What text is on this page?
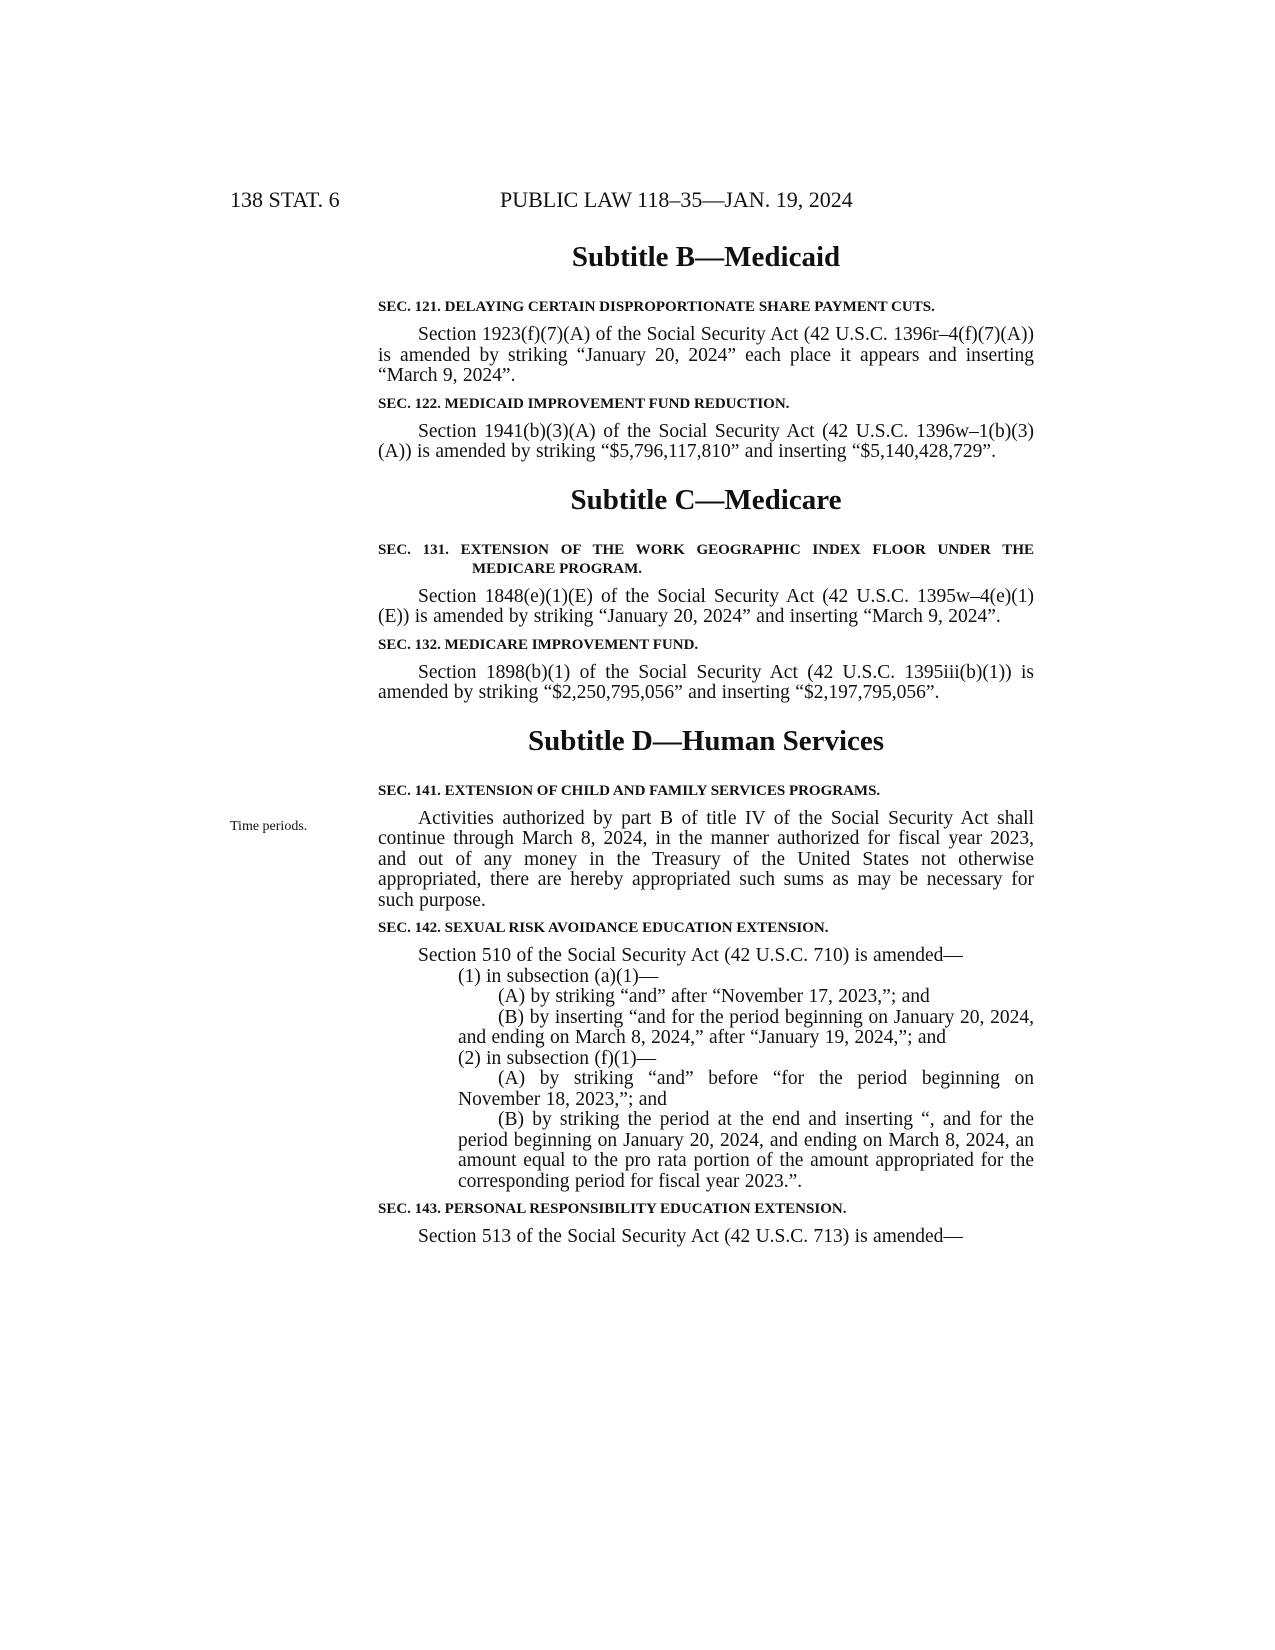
138 STAT. 6	PUBLIC LAW 118–35—JAN. 19, 2024
Time periods.
Subtitle B—Medicaid

SEC. 121. DELAYING CERTAIN DISPROPORTIONATE SHARE PAYMENT CUTS.

Section 1923(f)(7)(A) of the Social Security Act (42 U.S.C. 1396r–4(f)(7)(A)) is amended by striking “January 20, 2024” each place it appears and inserting “March 9, 2024”.

SEC. 122. MEDICAID IMPROVEMENT FUND REDUCTION.

Section 1941(b)(3)(A) of the Social Security Act (42 U.S.C. 1396w–1(b)(3)(A)) is amended by striking “$5,796,117,810” and inserting “$5,140,428,729”.

Subtitle C—Medicare

SEC. 131. EXTENSION OF THE WORK GEOGRAPHIC INDEX FLOOR UNDER THE MEDICARE PROGRAM.

Section 1848(e)(1)(E) of the Social Security Act (42 U.S.C. 1395w–4(e)(1)(E)) is amended by striking “January 20, 2024” and inserting “March 9, 2024”.

SEC. 132. MEDICARE IMPROVEMENT FUND.

Section 1898(b)(1) of the Social Security Act (42 U.S.C. 1395iii(b)(1)) is amended by striking “$2,250,795,056” and inserting “$2,197,795,056”.

Subtitle D—Human Services

SEC. 141. EXTENSION OF CHILD AND FAMILY SERVICES PROGRAMS.

Activities authorized by part B of title IV of the Social Security Act shall continue through March 8, 2024, in the manner authorized for fiscal year 2023, and out of any money in the Treasury of the United States not otherwise appropriated, there are hereby appropriated such sums as may be necessary for such purpose.

SEC. 142. SEXUAL RISK AVOIDANCE EDUCATION EXTENSION.

Section 510 of the Social Security Act (42 U.S.C. 710) is amended—

(1) in subsection (a)(1)—

(A) by striking “and” after “November 17, 2023,”; and

(B) by inserting “and for the period beginning on January 20, 2024, and ending on March 8, 2024,” after “January 19, 2024,”; and

(2) in subsection (f)(1)—

(A) by striking “and” before “for the period beginning on November 18, 2023,”; and

(B) by striking the period at the end and inserting “, and for the period beginning on January 20, 2024, and ending on March 8, 2024, an amount equal to the pro rata portion of the amount appropriated for the corresponding period for fiscal year 2023.”.

SEC. 143. PERSONAL RESPONSIBILITY EDUCATION EXTENSION.

Section 513 of the Social Security Act (42 U.S.C. 713) is amended—
